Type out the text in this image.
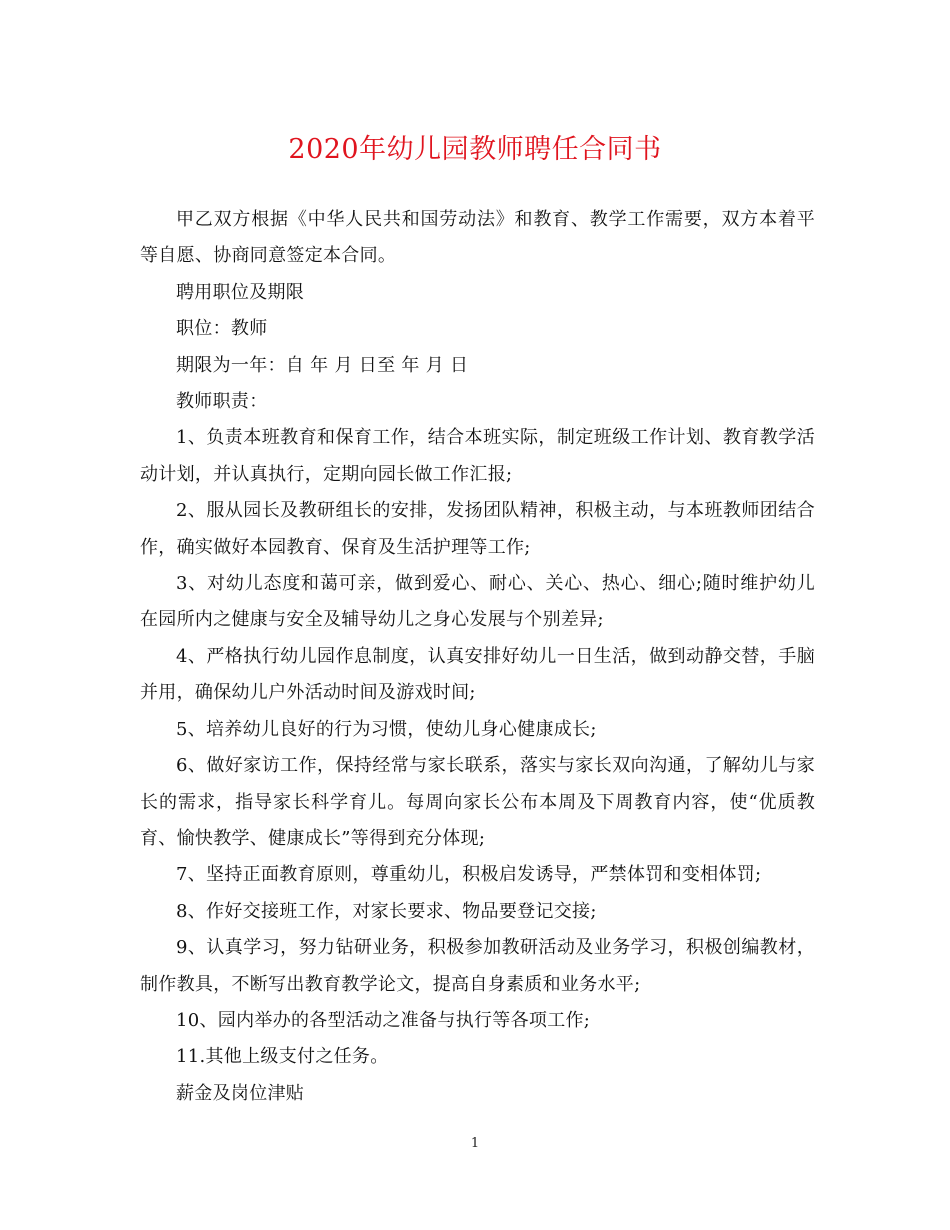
2020年幼儿园教师聘任合同书

甲乙双方根据《中华人民共和国劳动法》和教育、教学工作需要，双方本着平等自愿、协商同意签定本合同。

聘用职位及期限

职位：教师

期限为一年：自 年 月 日至 年 月 日

教师职责：

1、负责本班教育和保育工作，结合本班实际，制定班级工作计划、教育教学活动计划，并认真执行，定期向园长做工作汇报;

2、服从园长及教研组长的安排，发扬团队精神，积极主动，与本班教师团结合作，确实做好本园教育、保育及生活护理等工作;

3、对幼儿态度和蔼可亲，做到爱心、耐心、关心、热心、细心;随时维护幼儿在园所内之健康与安全及辅导幼儿之身心发展与个别差异;

4、严格执行幼儿园作息制度，认真安排好幼儿一日生活，做到动静交替，手脑并用，确保幼儿户外活动时间及游戏时间;

5、培养幼儿良好的行为习惯，使幼儿身心健康成长;

6、做好家访工作，保持经常与家长联系，落实与家长双向沟通，了解幼儿与家长的需求，指导家长科学育儿。每周向家长公布本周及下周教育内容，使“优质教育、愉快教学、健康成长”等得到充分体现;

7、坚持正面教育原则，尊重幼儿，积极启发诱导，严禁体罚和变相体罚;

8、作好交接班工作，对家长要求、物品要登记交接;

9、认真学习，努力钻研业务，积极参加教研活动及业务学习，积极创编教材，制作教具，不断写出教育教学论文，提高自身素质和业务水平;

10、园内举办的各型活动之准备与执行等各项工作;

11.其他上级支付之任务。

薪金及岗位津贴

1
